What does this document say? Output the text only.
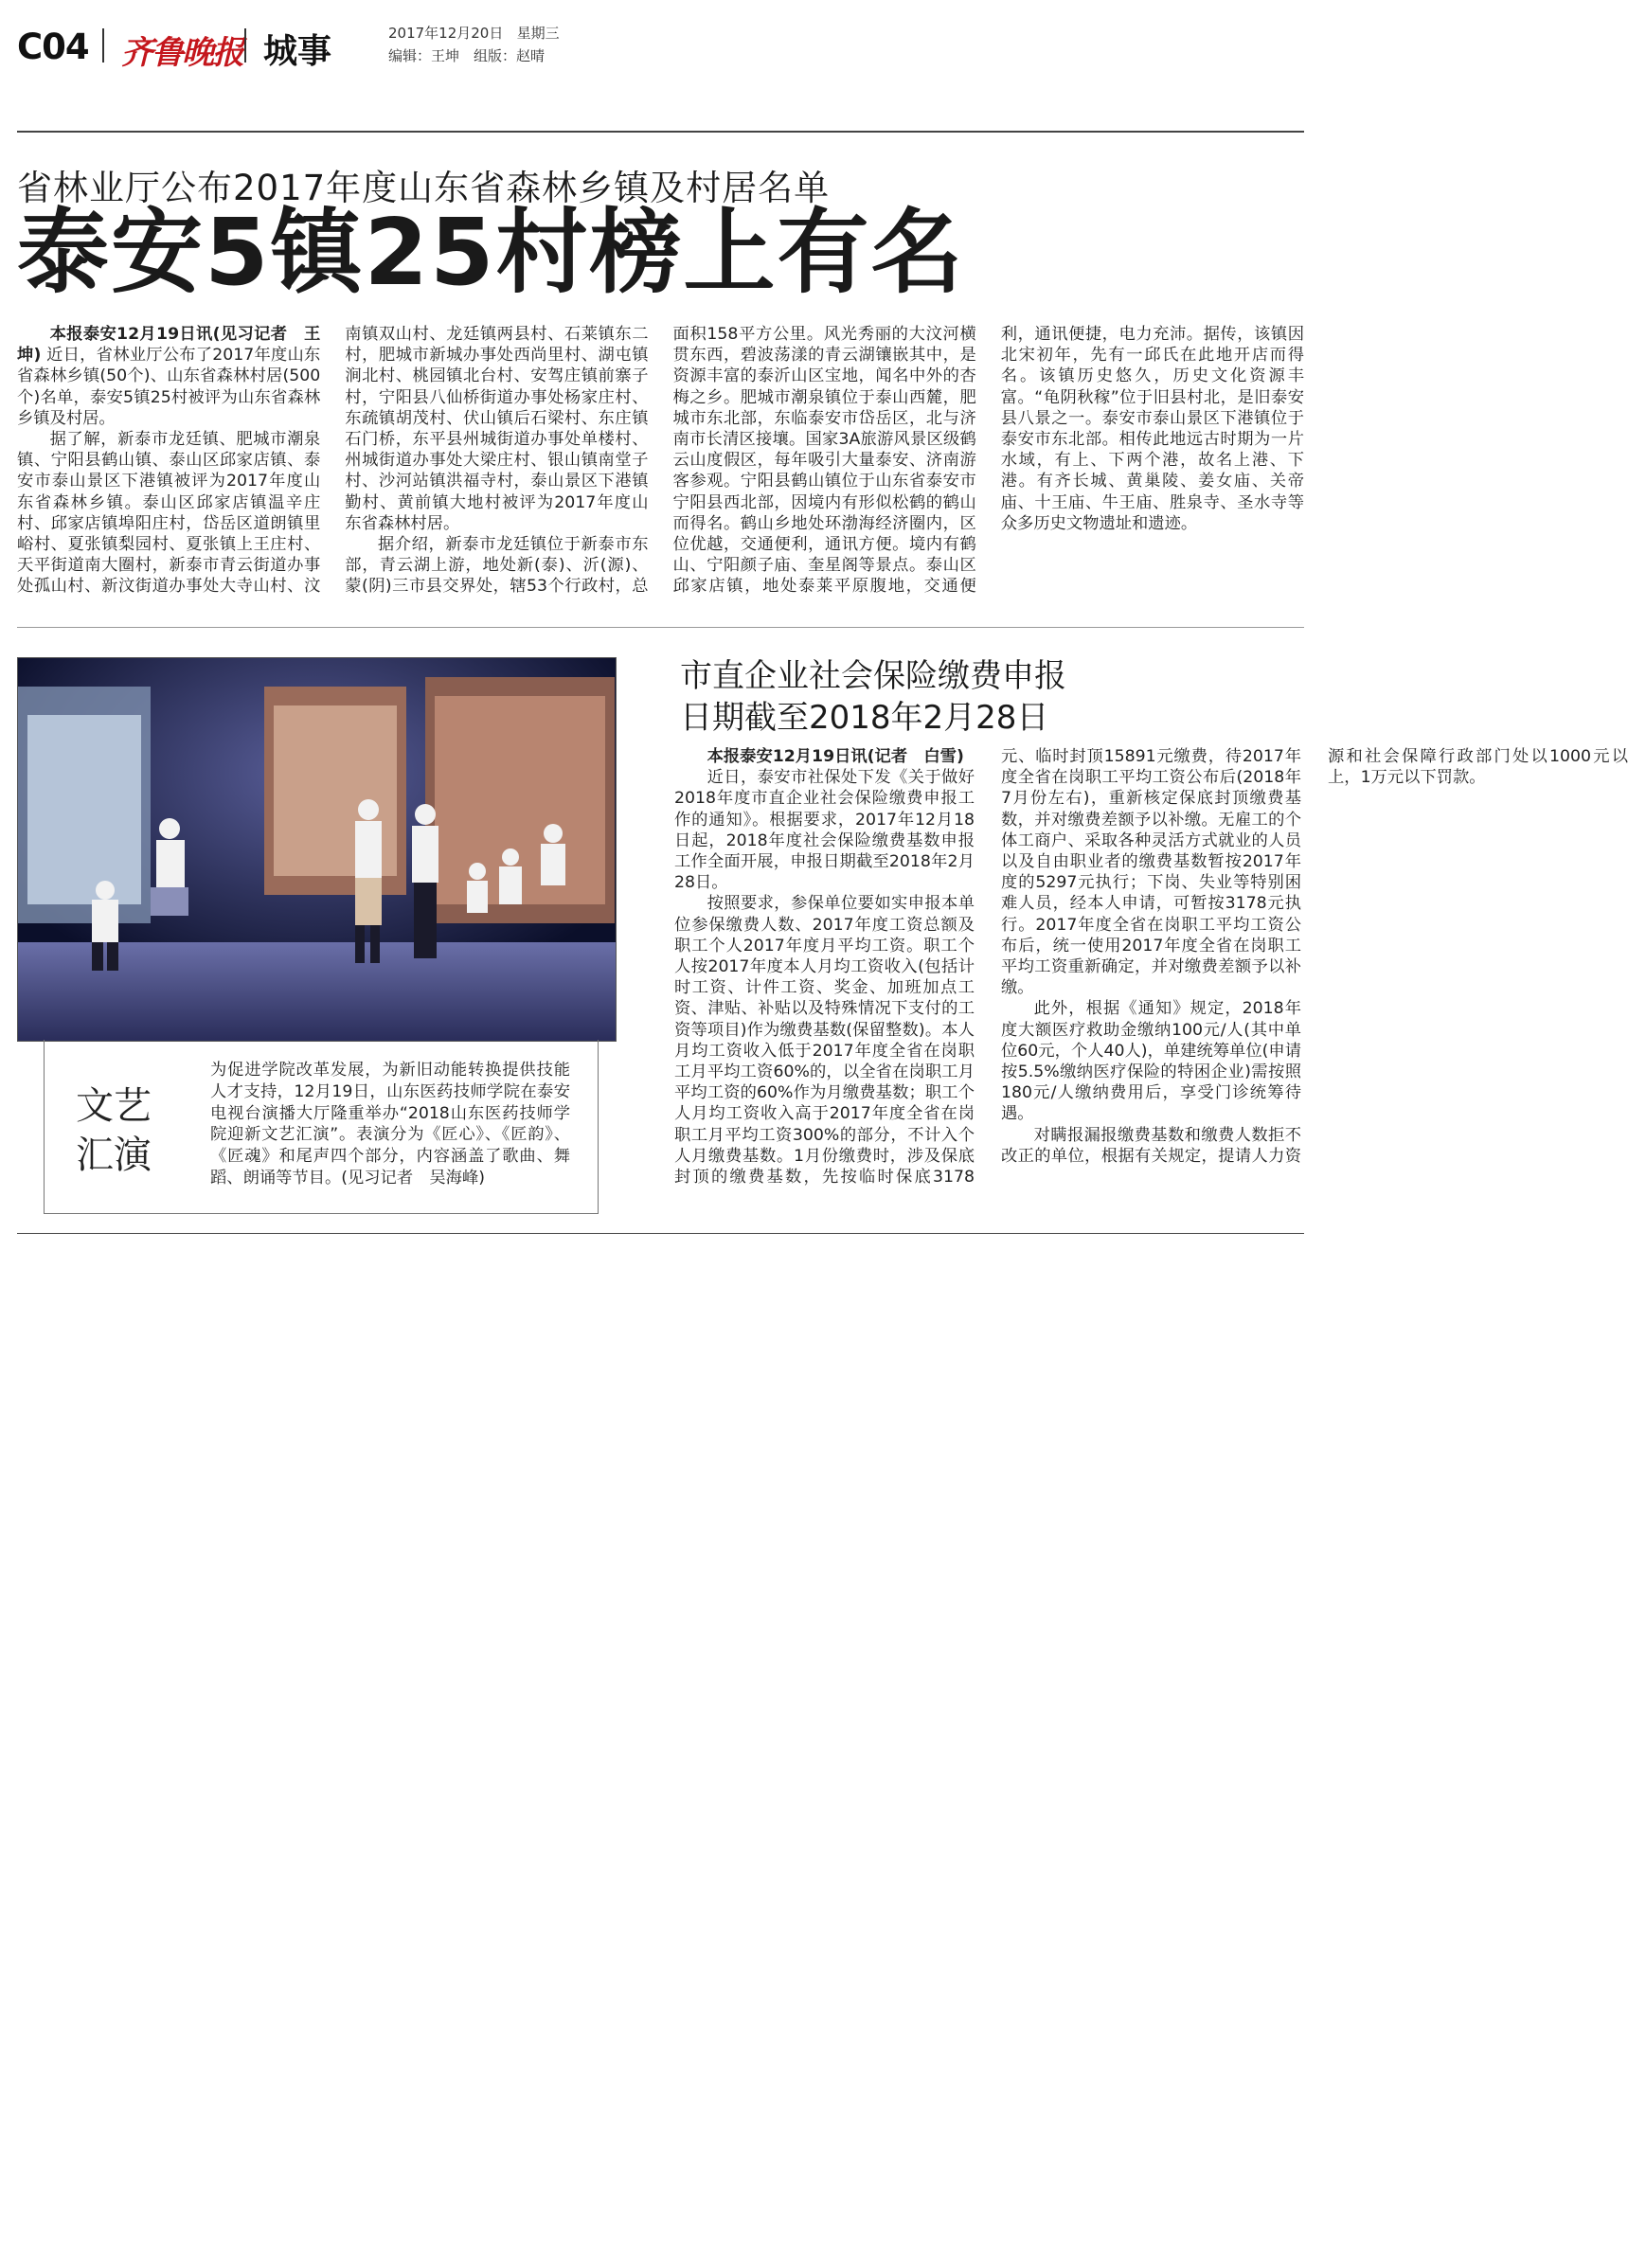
C04 齐鲁晚报 城事	2017年12月20日 星期三
编辑：王坤　组版：赵晴
省林业厅公布2017年度山东省森林乡镇及村居名单
泰安5镇25村榜上有名

本报泰安12月19日讯(见习记者　王坤) 近日，省林业厅公布了2017年度山东省森林乡镇(50个)、山东省森林村居(500个)名单，泰安5镇25村被评为山东省森林乡镇及村居。

据了解，新泰市龙廷镇、肥城市潮泉镇、宁阳县鹤山镇、泰山区邱家店镇、泰安市泰山景区下港镇被评为2017年度山东省森林乡镇。泰山区邱家店镇温辛庄村、邱家店镇埠阳庄村，岱岳区道朗镇里峪村、夏张镇梨园村、夏张镇上王庄村、天平街道南大圈村，新泰市青云街道办事处孤山村、新汶街道办事处大寺山村、汶南镇双山村、龙廷镇两县村、石莱镇东二村，肥城市新城办事处西尚里村、湖屯镇涧北村、桃园镇北台村、安驾庄镇前寨子村，宁阳县八仙桥街道办事处杨家庄村、东疏镇胡茂村、伏山镇后石梁村、东庄镇石门桥，东平县州城街道办事处单楼村、州城街道办事处大梁庄村、银山镇南堂子村、沙河站镇洪福寺村，泰山景区下港镇勤村、黄前镇大地村被评为2017年度山东省森林村居。

据介绍，新泰市龙廷镇位于新泰市东部，青云湖上游，地处新(泰)、沂(源)、蒙(阴)三市县交界处，辖53个行政村，总面积158平方公里。风光秀丽的大汶河横贯东西，碧波荡漾的青云湖镶嵌其中，是资源丰富的泰沂山区宝地，闻名中外的杏梅之乡。肥城市潮泉镇位于泰山西麓，肥城市东北部，东临泰安市岱岳区，北与济南市长清区接壤。国家3A旅游风景区级鹤云山度假区，每年吸引大量泰安、济南游客参观。宁阳县鹤山镇位于山东省泰安市宁阳县西北部，因境内有形似松鹤的鹤山而得名。鹤山乡地处环渤海经济圈内，区位优越，交通便利，通讯方便。境内有鹤山、宁阳颜子庙、奎星阁等景点。泰山区邱家店镇，地处泰莱平原腹地，交通便利，通讯便捷，电力充沛。据传，该镇因北宋初年，先有一邱氏在此地开店而得名。该镇历史悠久，历史文化资源丰富。“龟阴秋稼”位于旧县村北，是旧泰安县八景之一。泰安市泰山景区下港镇位于泰安市东北部。相传此地远古时期为一片水域，有上、下两个港，故名上港、下港。有齐长城、黄巢陵、姜女庙、关帝庙、十王庙、牛王庙、胜泉寺、圣水寺等众多历史文物遗址和遗迹。

文艺汇演
为促进学院改革发展，为新旧动能转换提供技能人才支持，12月19日，山东医药技师学院在泰安电视台演播大厅隆重举办“2018山东医药技师学院迎新文艺汇演”。表演分为《匠心》、《匠韵》、《匠魂》和尾声四个部分，内容涵盖了歌曲、舞蹈、朗诵等节目。(见习记者　吴海峰)
市直企业社会保险缴费申报
日期截至2018年2月28日

本报泰安12月19日讯(记者　白雪)

近日，泰安市社保处下发《关于做好2018年度市直企业社会保险缴费申报工作的通知》。根据要求，2017年12月18日起，2018年度社会保险缴费基数申报工作全面开展，申报日期截至2018年2月28日。

按照要求，参保单位要如实申报本单位参保缴费人数、2017年度工资总额及职工个人2017年度月平均工资。职工个人按2017年度本人月均工资收入(包括计时工资、计件工资、奖金、加班加点工资、津贴、补贴以及特殊情况下支付的工资等项目)作为缴费基数(保留整数)。本人月均工资收入低于2017年度全省在岗职工月平均工资60%的，以全省在岗职工月平均工资的60%作为月缴费基数；职工个人月均工资收入高于2017年度全省在岗职工月平均工资300%的部分，不计入个人月缴费基数。1月份缴费时，涉及保底封顶的缴费基数，先按临时保底3178元、临时封顶15891元缴费，待2017年度全省在岗职工平均工资公布后(2018年7月份左右)，重新核定保底封顶缴费基数，并对缴费差额予以补缴。无雇工的个体工商户、采取各种灵活方式就业的人员以及自由职业者的缴费基数暂按2017年度的5297元执行；下岗、失业等特别困难人员，经本人申请，可暂按3178元执行。2017年度全省在岗职工平均工资公布后，统一使用2017年度全省在岗职工平均工资重新确定，并对缴费差额予以补缴。

此外，根据《通知》规定，2018年度大额医疗救助金缴纳100元/人(其中单位60元，个人40人)，单建统筹单位(申请按5.5%缴纳医疗保险的特困企业)需按照180元/人缴纳费用后，享受门诊统筹待遇。

对瞒报漏报缴费基数和缴费人数拒不改正的单位，根据有关规定，提请人力资源和社会保障行政部门处以1000元以上，1万元以下罚款。
